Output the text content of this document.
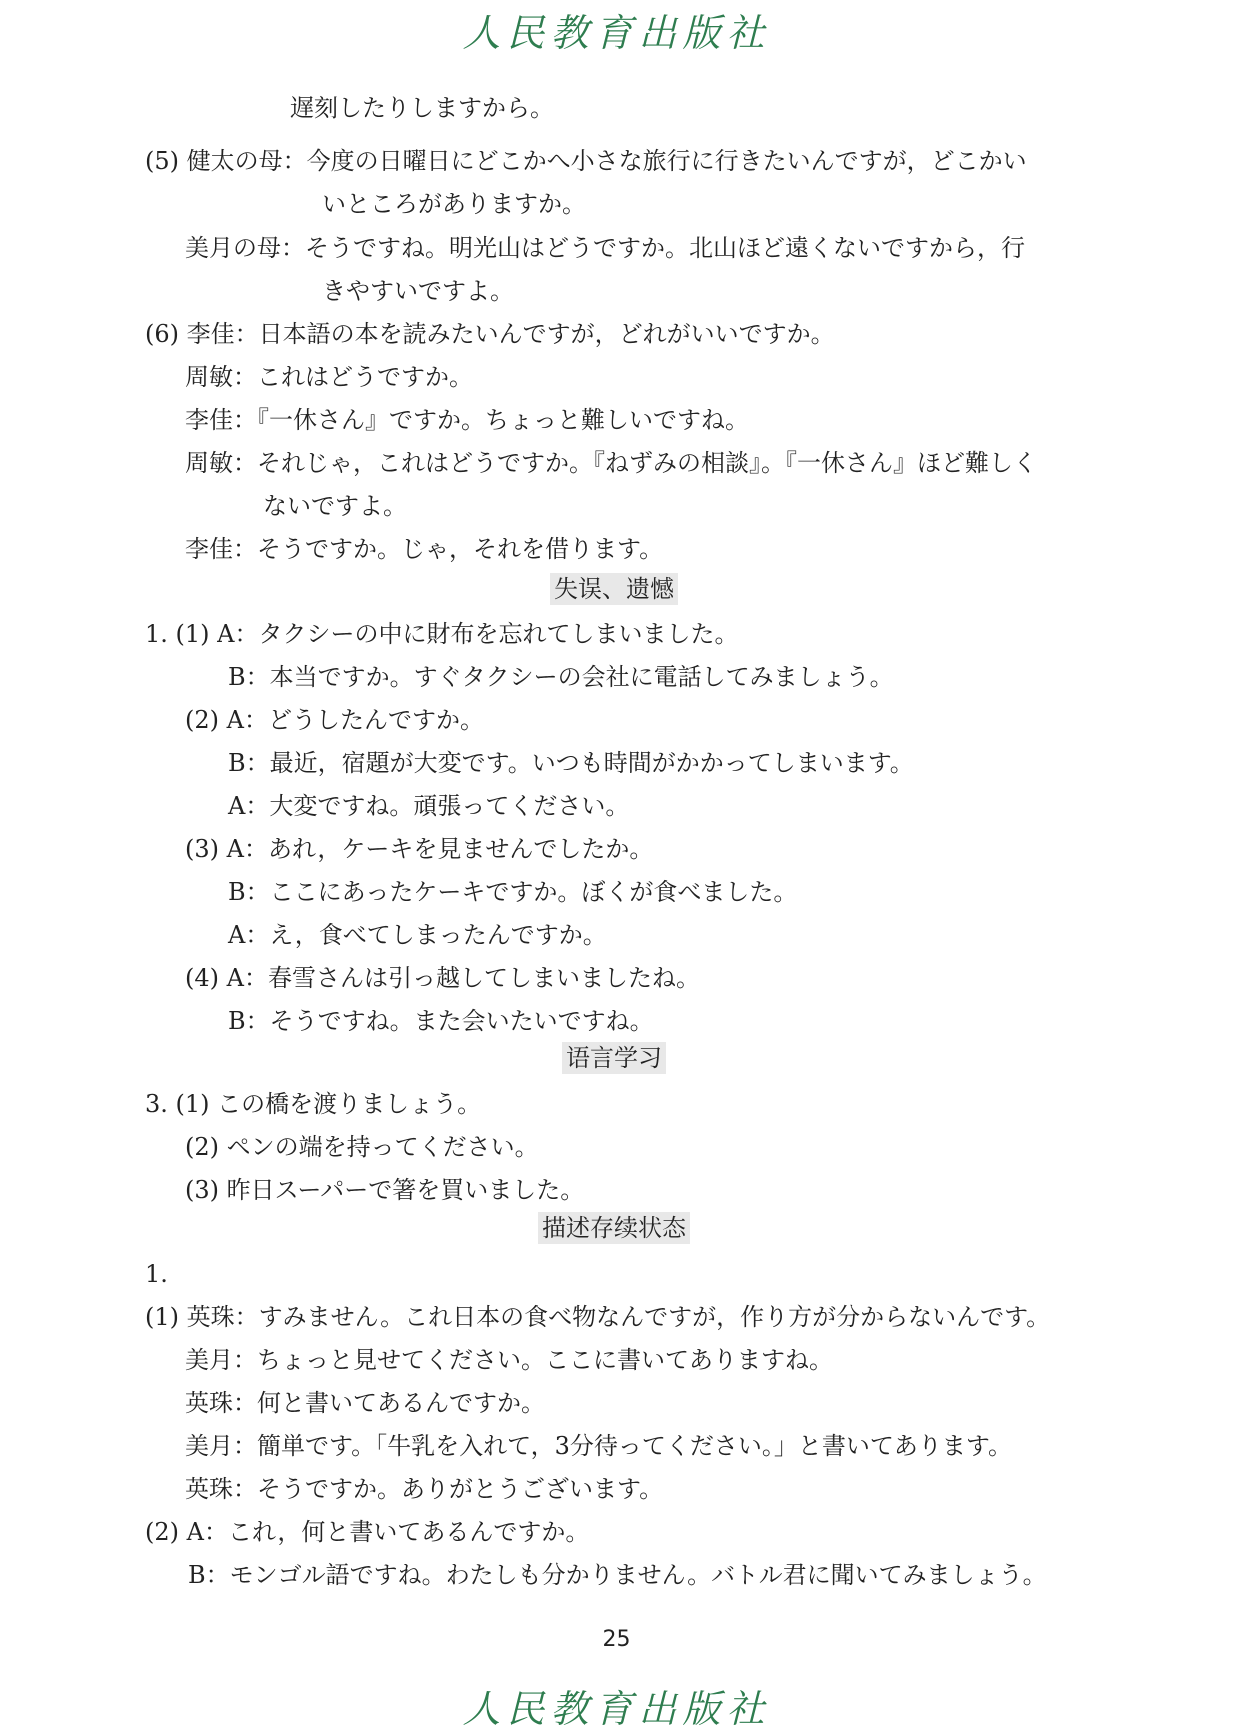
人民教育出版社
遅刻したりしますから。
(5) 健太の母：今度の日曜日にどこかへ小さな旅行に行きたいんですが，どこかい
いところがありますか。
美月の母：そうですね。明光山はどうですか。北山ほど遠くないですから，行
きやすいですよ。
(6) 李佳：日本語の本を読みたいんですが，どれがいいですか。
周敏：これはどうですか。
李佳：『一休さん』ですか。ちょっと難しいですね。
周敏：それじゃ，これはどうですか。『ねずみの相談』。『一休さん』ほど難しく
ないですよ。
李佳：そうですか。じゃ，それを借ります。
失误、遗憾
1. (1) A：タクシーの中に財布を忘れてしまいました。
B：本当ですか。すぐタクシーの会社に電話してみましょう。
(2) A：どうしたんですか。
B：最近，宿題が大変です。いつも時間がかかってしまいます。
A：大変ですね。頑張ってください。
(3) A：あれ，ケーキを見ませんでしたか。
B：ここにあったケーキですか。ぼくが食べました。
A：え，食べてしまったんですか。
(4) A：春雪さんは引っ越してしまいましたね。
B：そうですね。また会いたいですね。
语言学习
3. (1) この橋を渡りましょう。
(2) ペンの端を持ってください。
(3) 昨日スーパーで箸を買いました。
描述存续状态
1.
(1) 英珠：すみません。これ日本の食べ物なんですが，作り方が分からないんです。
美月：ちょっと見せてください。ここに書いてありますね。
英珠：何と書いてあるんですか。
美月：簡単です。「牛乳を入れて，3分待ってください。」と書いてあります。
英珠：そうですか。ありがとうございます。
(2) A：これ，何と書いてあるんですか。
B：モンゴル語ですね。わたしも分かりません。バトル君に聞いてみましょう。
25
人民教育出版社
